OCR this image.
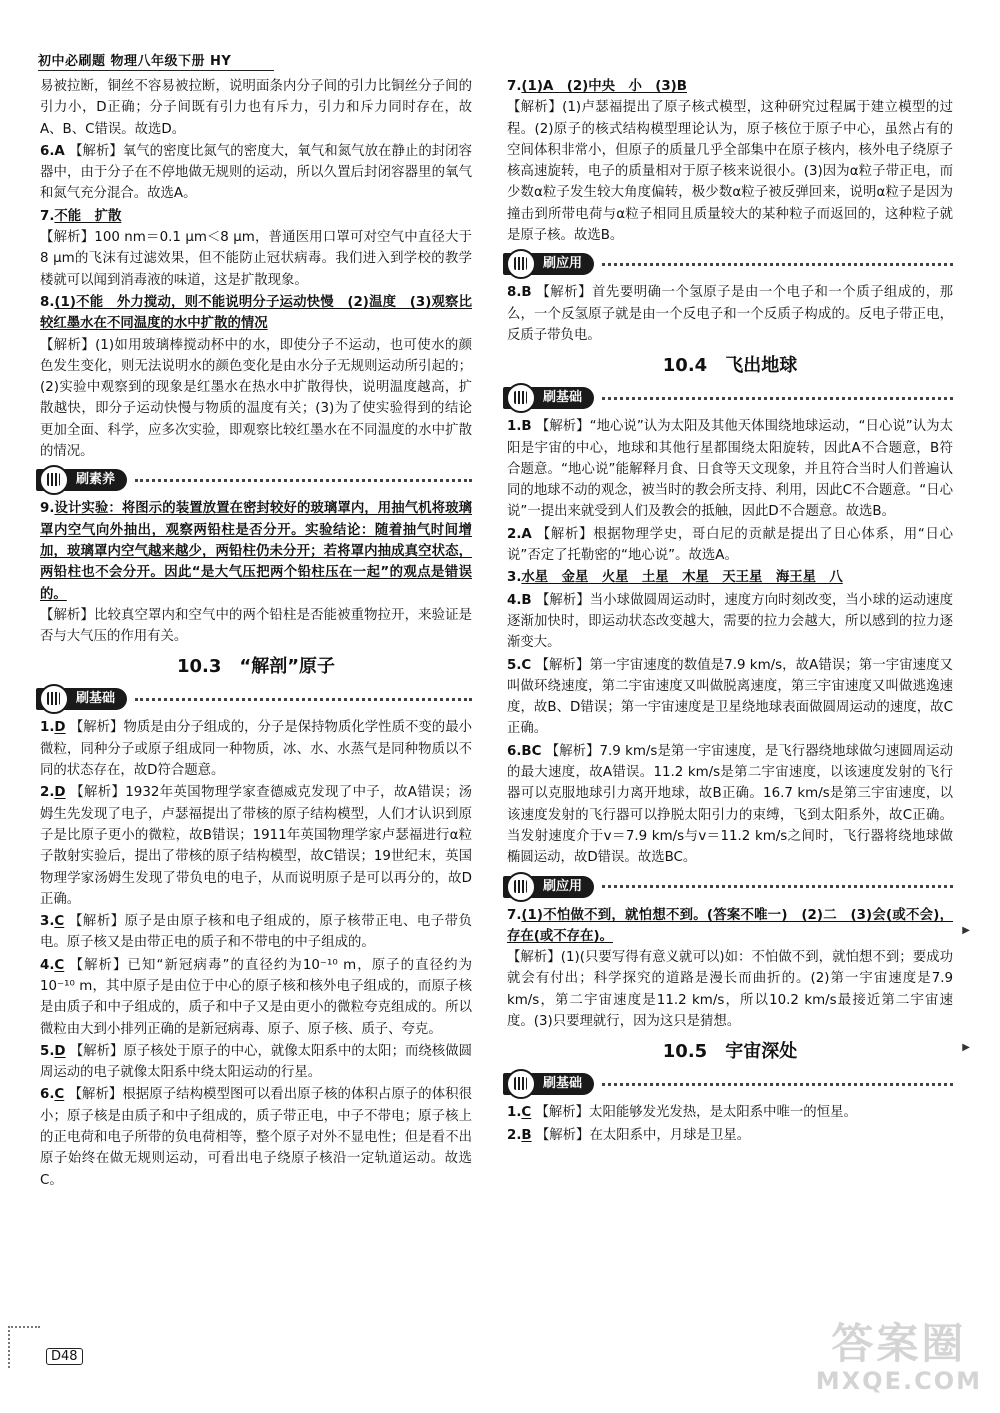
初中必刷题 物理八年级下册 HY

易被拉断，铜丝不容易被拉断，说明面条内分子间的引力比铜丝分子间的引力小，D正确；分子间既有引力也有斥力，引力和斥力同时存在，故A、B、C错误。故选D。

6.A 【解析】氧气的密度比氮气的密度大，氧气和氮气放在静止的封闭容器中，由于分子在不停地做无规则的运动，所以久置后封闭容器里的氧气和氮气充分混合。故选A。

7.不能　扩散
【解析】100 nm＝0.1 μm＜8 μm，普通医用口罩可对空气中直径大于8 μm的飞沫有过滤效果，但不能防止冠状病毒。我们进入到学校的教学楼就可以闻到消毒液的味道，这是扩散现象。

8.(1)不能　外力搅动，则不能说明分子运动快慢　(2)温度　(3)观察比较红墨水在不同温度的水中扩散的情况
【解析】(1)如用玻璃棒搅动杯中的水，即使分子不运动，也可使水的颜色发生变化，则无法说明水的颜色变化是由水分子无规则运动所引起的；(2)实验中观察到的现象是红墨水在热水中扩散得快，说明温度越高，扩散越快，即分子运动快慢与物质的温度有关；(3)为了使实验得到的结论更加全面、科学，应多次实验，即观察比较红墨水在不同温度的水中扩散的情况。

刷素养

9.设计实验：将图示的装置放置在密封较好的玻璃罩内，用抽气机将玻璃罩内空气向外抽出，观察两铅柱是否分开。实验结论：随着抽气时间增加，玻璃罩内空气越来越少，两铅柱仍未分开；若将罩内抽成真空状态，两铅柱也不会分开。因此“是大气压把两个铅柱压在一起”的观点是错误的。
【解析】比较真空罩内和空气中的两个铅柱是否能被重物拉开，来验证是否与大气压的作用有关。

10.3　“解剖”原子
刷基础

1.D 【解析】物质是由分子组成的，分子是保持物质化学性质不变的最小微粒，同种分子或原子组成同一种物质，冰、水、水蒸气是同种物质以不同的状态存在，故D符合题意。

2.D 【解析】1932年英国物理学家查德威克发现了中子，故A错误；汤姆生先发现了电子，卢瑟福提出了带核的原子结构模型，人们才认识到原子是比原子更小的微粒，故B错误；1911年英国物理学家卢瑟福进行α粒子散射实验后，提出了带核的原子结构模型，故C错误；19世纪末，英国物理学家汤姆生发现了带负电的电子，从而说明原子是可以再分的，故D正确。

3.C 【解析】原子是由原子核和电子组成的，原子核带正电、电子带负电。原子核又是由带正电的质子和不带电的中子组成的。

4.C 【解析】已知“新冠病毒”的直径约为10⁻¹⁰ m，原子的直径约为10⁻¹⁰ m，其中原子是由位于中心的原子核和核外电子组成的，而原子核是由质子和中子组成的，质子和中子又是由更小的微粒夸克组成的。所以微粒由大到小排列正确的是新冠病毒、原子、原子核、质子、夸克。

5.D 【解析】原子核处于原子的中心，就像太阳系中的太阳；而绕核做圆周运动的电子就像太阳系中绕太阳运动的行星。

6.C 【解析】根据原子结构模型图可以看出原子核的体积占原子的体积很小；原子核是由质子和中子组成的，质子带正电，中子不带电；原子核上的正电荷和电子所带的负电荷相等，整个原子对外不显电性；但是看不出原子始终在做无规则运动，可看出电子绕原子核沿一定轨道运动。故选C。

7.(1)A　(2)中央　小　(3)B
【解析】(1)卢瑟福提出了原子核式模型，这种研究过程属于建立模型的过程。(2)原子的核式结构模型理论认为，原子核位于原子中心，虽然占有的空间体积非常小，但原子的质量几乎全部集中在原子核内，核外电子绕原子核高速旋转，电子的质量相对于原子核来说很小。(3)因为α粒子带正电，而少数α粒子发生较大角度偏转，极少数α粒子被反弹回来，说明α粒子是因为撞击到所带电荷与α粒子相同且质量较大的某种粒子而返回的，这种粒子就是原子核。故选B。

刷应用

8.B 【解析】首先要明确一个氢原子是由一个电子和一个质子组成的，那么，一个反氢原子就是由一个反电子和一个反质子构成的。反电子带正电，反质子带负电。

10.4　飞出地球
刷基础

1.B 【解析】“地心说”认为太阳及其他天体围绕地球运动，“日心说”认为太阳是宇宙的中心，地球和其他行星都围绕太阳旋转，因此A不合题意，B符合题意。“地心说”能解释月食、日食等天文现象，并且符合当时人们普遍认同的地球不动的观念，被当时的教会所支持、利用，因此C不合题意。“日心说”一提出来就受到人们及教会的抵触，因此D不合题意。故选B。

2.A 【解析】根据物理学史，哥白尼的贡献是提出了日心体系，用“日心说”否定了托勒密的“地心说”。故选A。

3.水星　金星　火星　土星　木星　天王星　海王星　八

4.B 【解析】当小球做圆周运动时，速度方向时刻改变，当小球的运动速度逐渐加快时，即运动状态改变越大，需要的拉力会越大，所以感到的拉力逐渐变大。

5.C 【解析】第一宇宙速度的数值是7.9 km/s，故A错误；第一宇宙速度又叫做环绕速度，第二宇宙速度又叫做脱离速度，第三宇宙速度又叫做逃逸速度，故B、D错误；第一宇宙速度是卫星绕地球表面做圆周运动的速度，故C正确。

6.BC 【解析】7.9 km/s是第一宇宙速度，是飞行器绕地球做匀速圆周运动的最大速度，故A错误。11.2 km/s是第二宇宙速度，以该速度发射的飞行器可以克服地球引力离开地球，故B正确。16.7 km/s是第三宇宙速度，以该速度发射的飞行器可以挣脱太阳引力的束缚，飞到太阳系外，故C正确。当发射速度介于v＝7.9 km/s与v＝11.2 km/s之间时，飞行器将绕地球做椭圆运动，故D错误。故选BC。

刷应用

7.(1)不怕做不到，就怕想不到。(答案不唯一)　(2)二　(3)会(或不会)，存在(或不存在)。
【解析】(1)(只要写得有意义就可以)如：不怕做不到，就怕想不到；要成功就会有付出；科学探究的道路是漫长而曲折的。(2)第一宇宙速度是7.9 km/s，第二宇宙速度是11.2 km/s，所以10.2 km/s最接近第二宇宙速度。(3)只要理就行，因为这只是猜想。

10.5　宇宙深处
刷基础

1.C 【解析】太阳能够发光发热，是太阳系中唯一的恒星。

2.B 【解析】在太阳系中，月球是卫星。

▶
▶
D48	答案圈
MXQE.COM
